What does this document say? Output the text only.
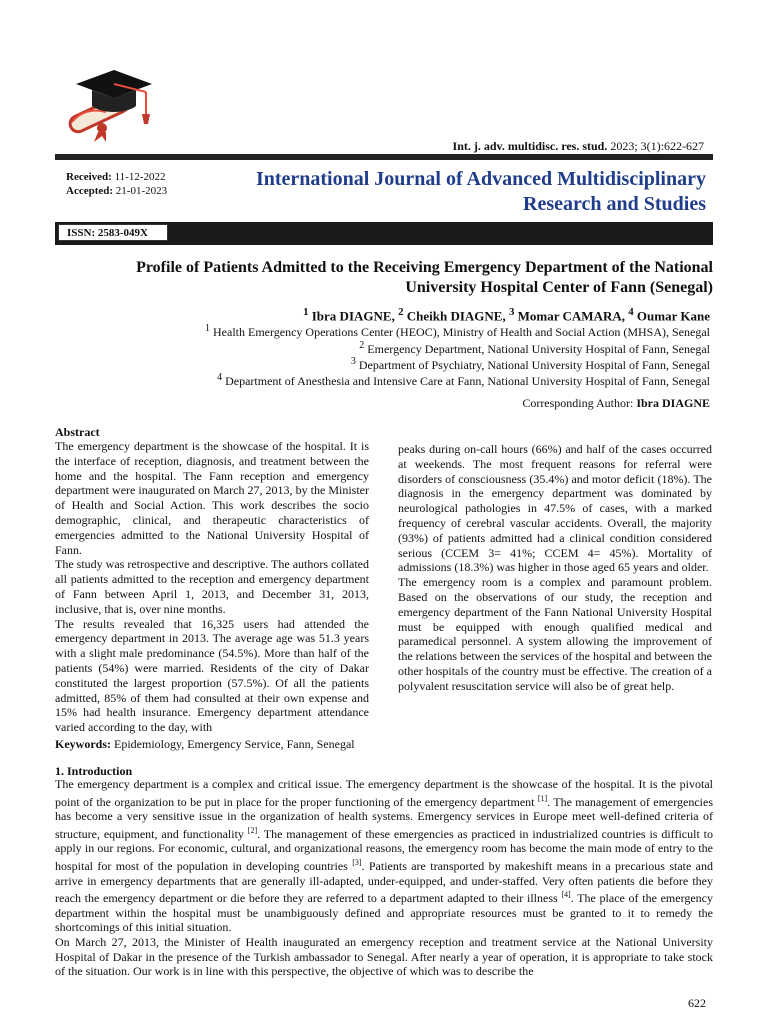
Int. j. adv. multidisc. res. stud. 2023; 3(1):622-627
Received: 11-12-2022
Accepted: 21-01-2023
International Journal of Advanced Multidisciplinary
Research and Studies
ISSN: 2583-049X
Profile of Patients Admitted to the Receiving Emergency Department of the National
University Hospital Center of Fann (Senegal)
$^1$ Ibra DIAGNE, $^2$ Cheikh DIAGNE, $^3$ Momar CAMARA, $^4$ Oumar Kane
$^1$ Health Emergency Operations Center (HEOC), Ministry of Health and Social Action (MHSA), Senegal
$^2$ Emergency Department, National University Hospital of Fann, Senegal
$^3$ Department of Psychiatry, National University Hospital of Fann, Senegal
$^4$ Department of Anesthesia and Intensive Care at Fann, National University Hospital of Fann, Senegal
Corresponding Author: Ibra DIAGNE
Abstract

The emergency department is the showcase of the hospital. It is the interface of reception, diagnosis, and treatment between the home and the hospital. The Fann reception and emergency department were inaugurated on March 27, 2013, by the Minister of Health and Social Action. This work describes the socio demographic, clinical, and therapeutic characteristics of emergencies admitted to the National University Hospital of Fann.

The study was retrospective and descriptive. The authors collated all patients admitted to the reception and emergency department of Fann between April 1, 2013, and December 31, 2013, inclusive, that is, over nine months.

The results revealed that 16,325 users had attended the emergency department in 2013. The average age was 51.3 years with a slight male predominance (54.5%). More than half of the patients (54%) were married. Residents of the city of Dakar constituted the largest proportion (57.5%). Of all the patients admitted, 85% of them had consulted at their own expense and 15% had health insurance. Emergency department attendance varied according to the day, with

peaks during on-call hours (66%) and half of the cases occurred at weekends. The most frequent reasons for referral were disorders of consciousness (35.4%) and motor deficit (18%). The diagnosis in the emergency department was dominated by neurological pathologies in 47.5% of cases, with a marked frequency of cerebral vascular accidents. Overall, the majority (93%) of patients admitted had a clinical condition considered serious (CCEM 3= 41%; CCEM 4= 45%). Mortality of admissions (18.3%) was higher in those aged 65 years and older.

The emergency room is a complex and paramount problem. Based on the observations of our study, the reception and emergency department of the Fann National University Hospital must be equipped with enough qualified medical and paramedical personnel. A system allowing the improvement of the relations between the services of the hospital and between the other hospitals of the country must be effective. The creation of a polyvalent resuscitation service will also be of great help.

Keywords: Epidemiology, Emergency Service, Fann, Senegal
1. Introduction

The emergency department is a complex and critical issue. The emergency department is the showcase of the hospital. It is the pivotal point of the organization to be put in place for the proper functioning of the emergency department [1]. The management of emergencies has become a very sensitive issue in the organization of health systems. Emergency services in Europe meet well-defined criteria of structure, equipment, and functionality [2]. The management of these emergencies as practiced in industrialized countries is difficult to apply in our regions. For economic, cultural, and organizational reasons, the emergency room has become the main mode of entry to the hospital for most of the population in developing countries [3]. Patients are transported by makeshift means in a precarious state and arrive in emergency departments that are generally ill-adapted, under-equipped, and under-staffed. Very often patients die before they reach the emergency department or die before they are referred to a department adapted to their illness [4]. The place of the emergency department within the hospital must be unambiguously defined and appropriate resources must be granted to it to remedy the shortcomings of this initial situation.

On March 27, 2013, the Minister of Health inaugurated an emergency reception and treatment service at the National University Hospital of Dakar in the presence of the Turkish ambassador to Senegal. After nearly a year of operation, it is appropriate to take stock of the situation. Our work is in line with this perspective, the objective of which was to describe the

622
